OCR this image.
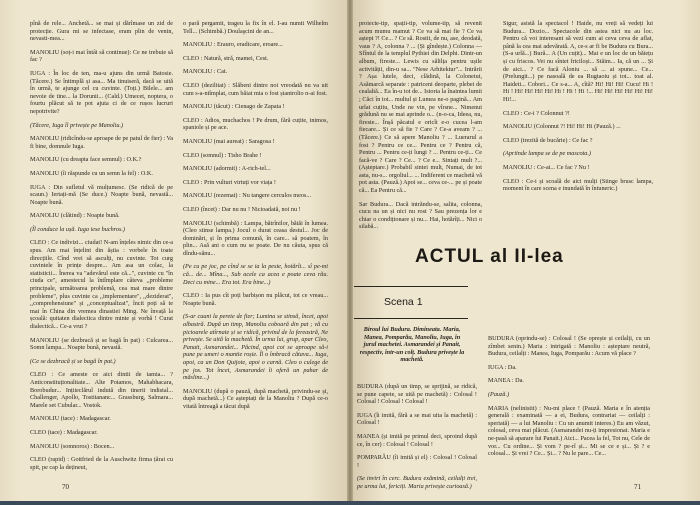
pînă de rele... Anchetă... se mai și dărîmase un zid de protecție. Gura mi se infectase, eram plin de venin, nevasti-mea...

MANOLIU (soț-i mai întâi să continue): Ce ne trebuie să fac ?

IUGA : În loc de ten, ma-u ajuns din urmă Batosie. (Tăcere.) Se întimplă și asa... Ma tinuiseră, dacă se uită în urmă, te ajunge cel cu cuvinte. (Toți.) Bilele... am nevoie de tine... la Dorunii... (Cald.) Umecet, noptera, o fourtu plăcut să te pot ajuta ci de ce rușos lucruri nepotrivite?

(Tăcere, Iuga îl privește pe Manoliu.)

MANOLIU (ridicîndu-se aproape de pe patul de fier) : Va fi bine, domnule Iuga.

MANOLIU (cu dreapta face semnul) : O.K.?

MANOLIU (îi răspunde cu un semn la fel) : O.K.

IUGA : Din sufletul vă mulțumesc. (Se ridică de pe scaun.) Iertați-mă (Se duce.) Noapte bună, nevastă... Noapte bună.

MANOLIU (clătind) : Noapte bună.

(Îl conduce la ușă. Iuga iese buchros.)

CLEO : Ce indivizi... ciudat! N-am înțeles nimic din ce-a spus. Am mai înțelint din ăștia : vorbele în toate direcțiile. Cînd vrei să asculți, nu cuvinte. Tot curg cuvintele în prințe despre... Am asa un colac, la statisticii... Înerea va "adevărul este că...", cuvinte cu "în ciuda ce", amestecul la întîmplare câteva ,,probleme principale, următoarea problemă, cea mai mare dintre probleme", plus cuvinte ca ,,implementare", ,,deziderat", ,,comprehensiune" și ,,conceptualizat", încit poți să te mai în China din vremea dinastiei Ming. Ne învață la școală: quitaten dialectica dintre minte și vorbă ! Curat dialectică... Ce-a vrut ?

MANOLIU (se dezbracă și se bagă în pat) : Culcarea... Somn lampa... Noapte bună, nevastă.

(Ce se dezbracă și se bagă în pat.)

CLEO : Ce ameste ce aici dintii de tamia... ? Anticonstituționalitate... Alte Potamos, Mahabhacara, Borobudur... Ințiieclărul indută din tinerii indistal... Challenger, Apollo, Tostitananc... Grassburg, Salmara... Marele set Cubular... Vostok.

MANOLIU (tace) : Madagascar.

CLEO (tace) : Madagascar.

MANOLIU (somnoros) : Bocen...

CLEO (rapid) : Gottfried de la Auschwitz firma țărai cu spit, pe cap la dețineut,

o pară pergamit, trageu la fix în el. I-au numit Wilhelm Tell... (Schimbă.) Doulaşcini de an...

MANOLIU : Erauro, eradicare, eroare...

CLEO : Natură, stră, mamei, Cest.

MANOLIU : Cat.

CLEO (dezilitat) : Slăbeni dintre noi vreodată nu va uit cum s-a-ntîmplat, cum băiat mia o fost șiantrolio n-ai fost.

MANOLIU (tăcut) : Cienago de Zapata !

CLEO : Adios, muchachos ! Pe drum, fără cuțite, inimos, spaniole și pe ace.

MANOLIU (mai aureat) : Saragosa !

CLEO (somnul) : Tisho Brahe !

MANOLIU (adormit) : A-rich-tel...

CLEO : Prin vulturi virtuți vor viața !

MANOLIU (rezemat) : Nu tangere cerculos meos...

CLEO (încet) : Dar nu nu ! Nicioadată, noi nu !

MANOLIU (schimbă) : Lampa, bătrînilor, bătăi în lumea. (Cleo stinse lampa.) Jocul o durat ceasa destul... Joc de dominări, și în prima comună, în care... să poatem, în plin... Asă ani o cum nu se poate. De nu căuta, spus că dîndu-sănu...

(Pe cu pe joc, pe cînd se se ia la peste, hotărît... sî pe-mi că... de... Mîna..., Sub acele ca acea e poate ceva rău. Deci cu mine... Era tot. Era bine...)

CLEO : Ia pus cît poți barbișon nu plăcut, tot ce vreau... Noapte bună.

(S-ar cuuni la perete de fier; Lumina se stinsă, încet, apoi albastră. După un timp, Manoliu coboară din pat ; vă cu picioarele atîrnate și se ridică, privind de la fereastră, Ne privește. Se uită la machetă. În urma lui, grup, apar Cleo, Panait, Asmarandei... Păcind, apoi coi se aproape să-i pune pe umeri o mantie roșie. Îl o îmbracă cătava... Iuga, apoi, ca un Don Quijote, apoi o carnă. Cleo o culege de pe jos. Tot încet, Asmarandei îi oferă un pahar de măsline...)

MANOLIU (după o pauză, după machetă, privindu-se și, după machetă...) Ce așteptați de la Manoliu ? După ce-o vitată întreagă a tăcut după

70

proiecte-tip, spații-tip, volume-tip, să revenit acum mumu mamut ? Ce va să mai fie ? Ce va aștept ?! Ce... ? Ce să. Rostit, de nu, ase, deodată, vaus ? A, colonna ? ... (Și gîndește.) Colonna — Sfîntul de la templul Pythiei din Delphi. Dintr-un album, fireste... Lewis cu sălilța pentru ușile activității, din-u sa... "Nese Arhitektur"... Intrării ? Așa lutele, deci, clădină, la Colonetut, Asămarcă separate : patriceni deoparte, plebei de cealaltă... Ea în-u tot de... Istoria la înaintea lumii ; Căci în tot... multul și Lumea ne-o pagină... Am urlat cuțitu, Unde ne vin, pe vîrsne... Nimenui grădună nu se mai aprinde o... (n-o-ca, Ideea, nu, fireste... Înșă păcatul e oricît e-o cucea l-am fiecare... Și ce să fie ? Care ? Ce-a aveam ? ... (Tăcere.) Ce să apere Manoliu ? ... Luerarul a fost ? Pentru ce ce... Pentru ce ? Pentru că, Pentru ... Pentru ce-ți lungi ? ... Pentru ce-ți... Ce facă-ve ? Care ? Ce... ? Ce e... Sintați mult ?... (Așteptare.) Probabil sintei mult, Numai, de tot asta, nu-s... orgoliul... ... Indiferent ce machetă vă pot asta. (Pauză.) Apoi se... ceva ce-... pe și poate că... Ea Pentru că...

Sar Budura... Dacă intrăndu-se, salita, colonna, cucu na un și nici nu rost ? Sau prezența lor e chiar o condiționare și nu... Hai, hotărîți... Nici o silabă...

Sigur, asistă la spectacol ! Haide, nu vreți să vedeți lui Budura... Dozio... Spectacole din astea nici nu au loc. Pentru că voi interesant să vezi cum ai ceva ceva de aflat, până la cea mai adevărată. A, ce-s ar fi be Budura cu Bura... (S-a urlă...) Bură... A (Un cuțit)... Mai e un loc de un băiețu și cu friscos. Vei nu sîntet friciloși... Stăim... Ia, că un ... Și de aici... ? Ce facă Aloniu ... să ... ai spune... Ce... (Prelungit...) pe nasoală de ea Rugtaoiu și tot... toat al. Haideti... Cobori... Ce s-a... A, cîtă? Hi! Hi! Hi! Cucu! Hi ! Hi ! Hi! Hi! Hi! Hi! Hi ! Hi ! Hi !... Hi! Hi! Hi! Hi! Hi! Hi! Hi!...

CLEO : Ce-i ? Colonnut ?!

MANOLIU (Colonnut ?! Hi! Hi! Hi (Pauză.) ...

CLEO (trezită de bucărie) : Ce fac ?

(Apriinde lampa se de pe mascota.)

MANOLIU : Ce-ai... Ce fac ? Nu !

CLEO : Ce-i și scoală de aici mulți (Stinge brusc lampa, moment în care scena e inundată în întuneric.)

BUDURA (după un timp, se sprijină, se ridică, se pune capete, se uită pe machetă) : Colosal ! Colosal ! Colosal ! Colosal !

IUGA (îi imită, fără a se mai uita la machetă) : Colosal !

MANEA (și imită pe primul deci, sproind după ce, în cer) : Colosal ! Colosal !

POMPARĂU (îi imită și el) : Colosal ! Colosal !

(Se invirt în cerc. Budura exămină, ceilalți trei, pe urma lui, fericiți. Maria privește curioasă.)

BUDURA (oprindu-se) : Colosal ! (Se oprește și ceilalți, cu un zîmbet senin.) Maria : intrigată : Manoliu : așteptare neutră, Budura, ceilalți : Manea, Iuga, Pomparău : Acum vă place ?

IUGA : Da.

MANEA : Da.

(Pauză.)

MARIA (nelinistit) : Nu-mi place ! (Pauză. Maria e în atenția generală : examinată — a ei, Budura, contrariat — ceilalți : speriată) — a lui Manoliu : Cu un anumit interes.) Eu am văzut, colosal, ceva mai plăcut. (Asmarandei nu-ți impresionat. Maria e ne-pasă să aparare lui Panait.) Aici... Pacea la fel, Tot nu, Cele de vor... Cu ordine... Și vom ? pe-rî și... Mi se ce e și... Și ? e colosal... Și vrei ? Ce... Și... ? Nu le pare... Ce...

71
ACTUL al II-lea
Scena 1
Biroul lui Budura. Dimineata. Maria, Manea, Pomparău, Manoliu, Iuga, în jurul machetei. Asmarandei și Panait, respectiv, într-un colț. Budura privește la machetă.
